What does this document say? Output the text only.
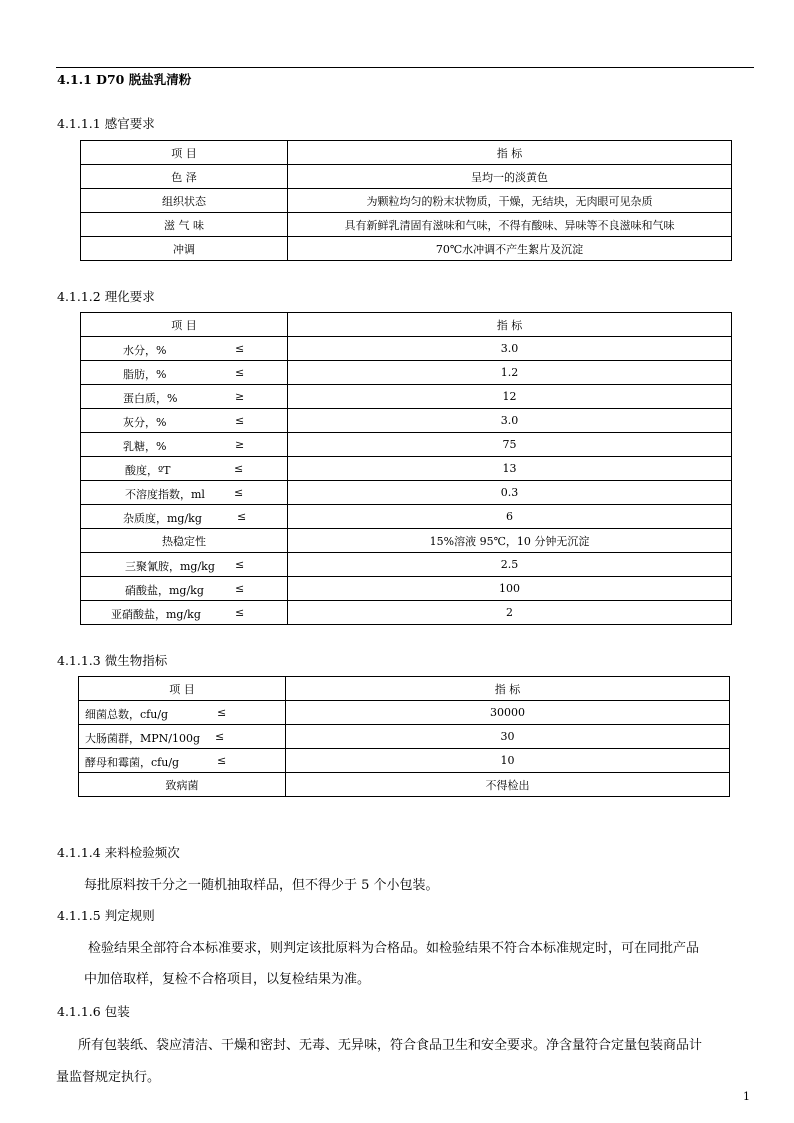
4.1.1 D70 脱盐乳清粉
4.1.1.1 感官要求
项 目	指 标
色 泽	呈均一的淡黄色
组织状态	为颗粒均匀的粉末状物质，干燥，无结块，无肉眼可见杂质
滋 气 味	具有新鲜乳清固有滋味和气味，不得有酸味、异味等不良滋味和气味
冲调	70℃水冲调不产生絮片及沉淀
4.1.1.2 理化要求
项 目	指 标

水分，% ≤	3.0

脂肪，% ≤	1.2

蛋白质，% ≥	12

灰分，% ≤	3.0

乳糖，% ≥	75

酸度，ºT ≤	13

不溶度指数，ml ≤	0.3

杂质度，mg/kg ≤	6
热稳定性	15%溶液 95℃，10 分钟无沉淀

三聚氰胺，mg/kg ≤	2.5

硝酸盐，mg/kg ≤	100

亚硝酸盐，mg/kg ≤	2
4.1.1.3 微生物指标
项 目	指 标

细菌总数，cfu/g ≤	30000

大肠菌群，MPN/100g ≤	30

酵母和霉菌，cfu/g ≤	10
致病菌	不得检出
4.1.1.4 来料检验频次
每批原料按千分之一随机抽取样品，但不得少于 5 个小包装。
4.1.1.5 判定规则
检验结果全部符合本标准要求，则判定该批原料为合格品。如检验结果不符合本标准规定时，可在同批产品
中加倍取样，复检不合格项目，以复检结果为准。
4.1.1.6 包装
所有包装纸、袋应清洁、干燥和密封、无毒、无异味，符合食品卫生和安全要求。净含量符合定量包装商品计
量监督规定执行。
1
